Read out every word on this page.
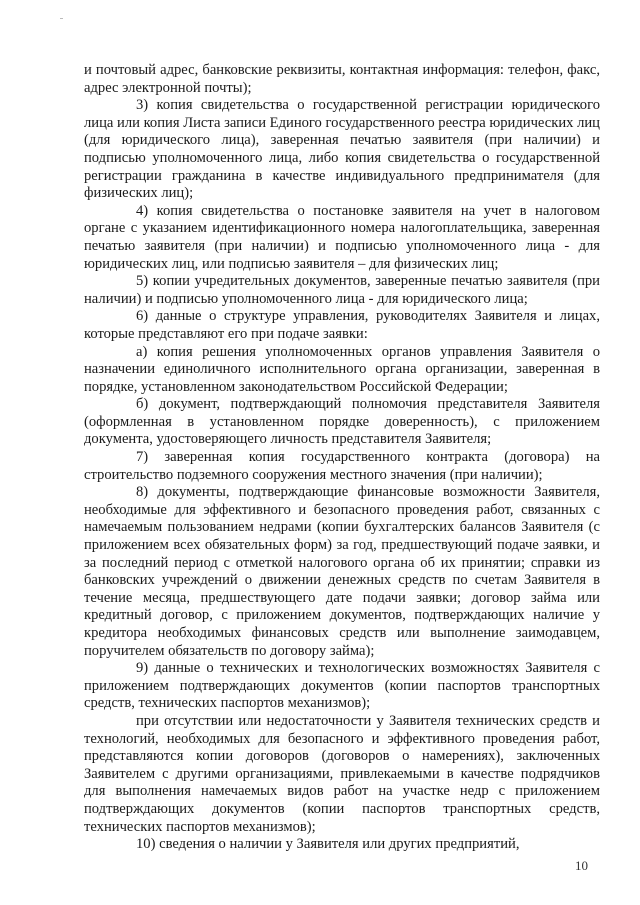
и почтовый адрес, банковские реквизиты, контактная информация: телефон, факс, адрес электронной почты);

3) копия свидетельства о государственной регистрации юридического лица или копия Листа записи Единого государственного реестра юридических лиц (для юридического лица), заверенная печатью заявителя (при наличии) и подписью уполномоченного лица, либо копия свидетельства о государственной регистрации гражданина в качестве индивидуального предпринимателя (для физических лиц);

4) копия свидетельства о постановке заявителя на учет в налоговом органе с указанием идентификационного номера налогоплательщика, заверенная печатью заявителя (при наличии) и подписью уполномоченного лица - для юридических лиц, или подписью заявителя – для физических лиц;

5) копии учредительных документов, заверенные печатью заявителя (при наличии) и подписью уполномоченного лица - для юридического лица;

6) данные о структуре управления, руководителях Заявителя и лицах, которые представляют его при подаче заявки:

а) копия решения уполномоченных органов управления Заявителя о назначении единоличного исполнительного органа организации, заверенная в порядке, установленном законодательством Российской Федерации;

б) документ, подтверждающий полномочия представителя Заявителя (оформленная в установленном порядке доверенность), с приложением документа, удостоверяющего личность представителя Заявителя;

7) заверенная копия государственного контракта (договора) на строительство подземного сооружения местного значения (при наличии);

8) документы, подтверждающие финансовые возможности Заявителя, необходимые для эффективного и безопасного проведения работ, связанных с намечаемым пользованием недрами (копии бухгалтерских балансов Заявителя (с приложением всех обязательных форм) за год, предшествующий подаче заявки, и за последний период с отметкой налогового органа об их принятии; справки из банковских учреждений о движении денежных средств по счетам Заявителя в течение месяца, предшествующего дате подачи заявки; договор займа или кредитный договор, с приложением документов, подтверждающих наличие у кредитора необходимых финансовых средств или выполнение заимодавцем, поручителем обязательств по договору займа);

9) данные о технических и технологических возможностях Заявителя с приложением подтверждающих документов (копии паспортов транспортных средств, технических паспортов механизмов);

при отсутствии или недостаточности у Заявителя технических средств и технологий, необходимых для безопасного и эффективного проведения работ, представляются копии договоров (договоров о намерениях), заключенных Заявителем с другими организациями, привлекаемыми в качестве подрядчиков для выполнения намечаемых видов работ на участке недр с приложением подтверждающих документов (копии паспортов транспортных средств, технических паспортов механизмов);

10) сведения о наличии у Заявителя или других предприятий,

10
